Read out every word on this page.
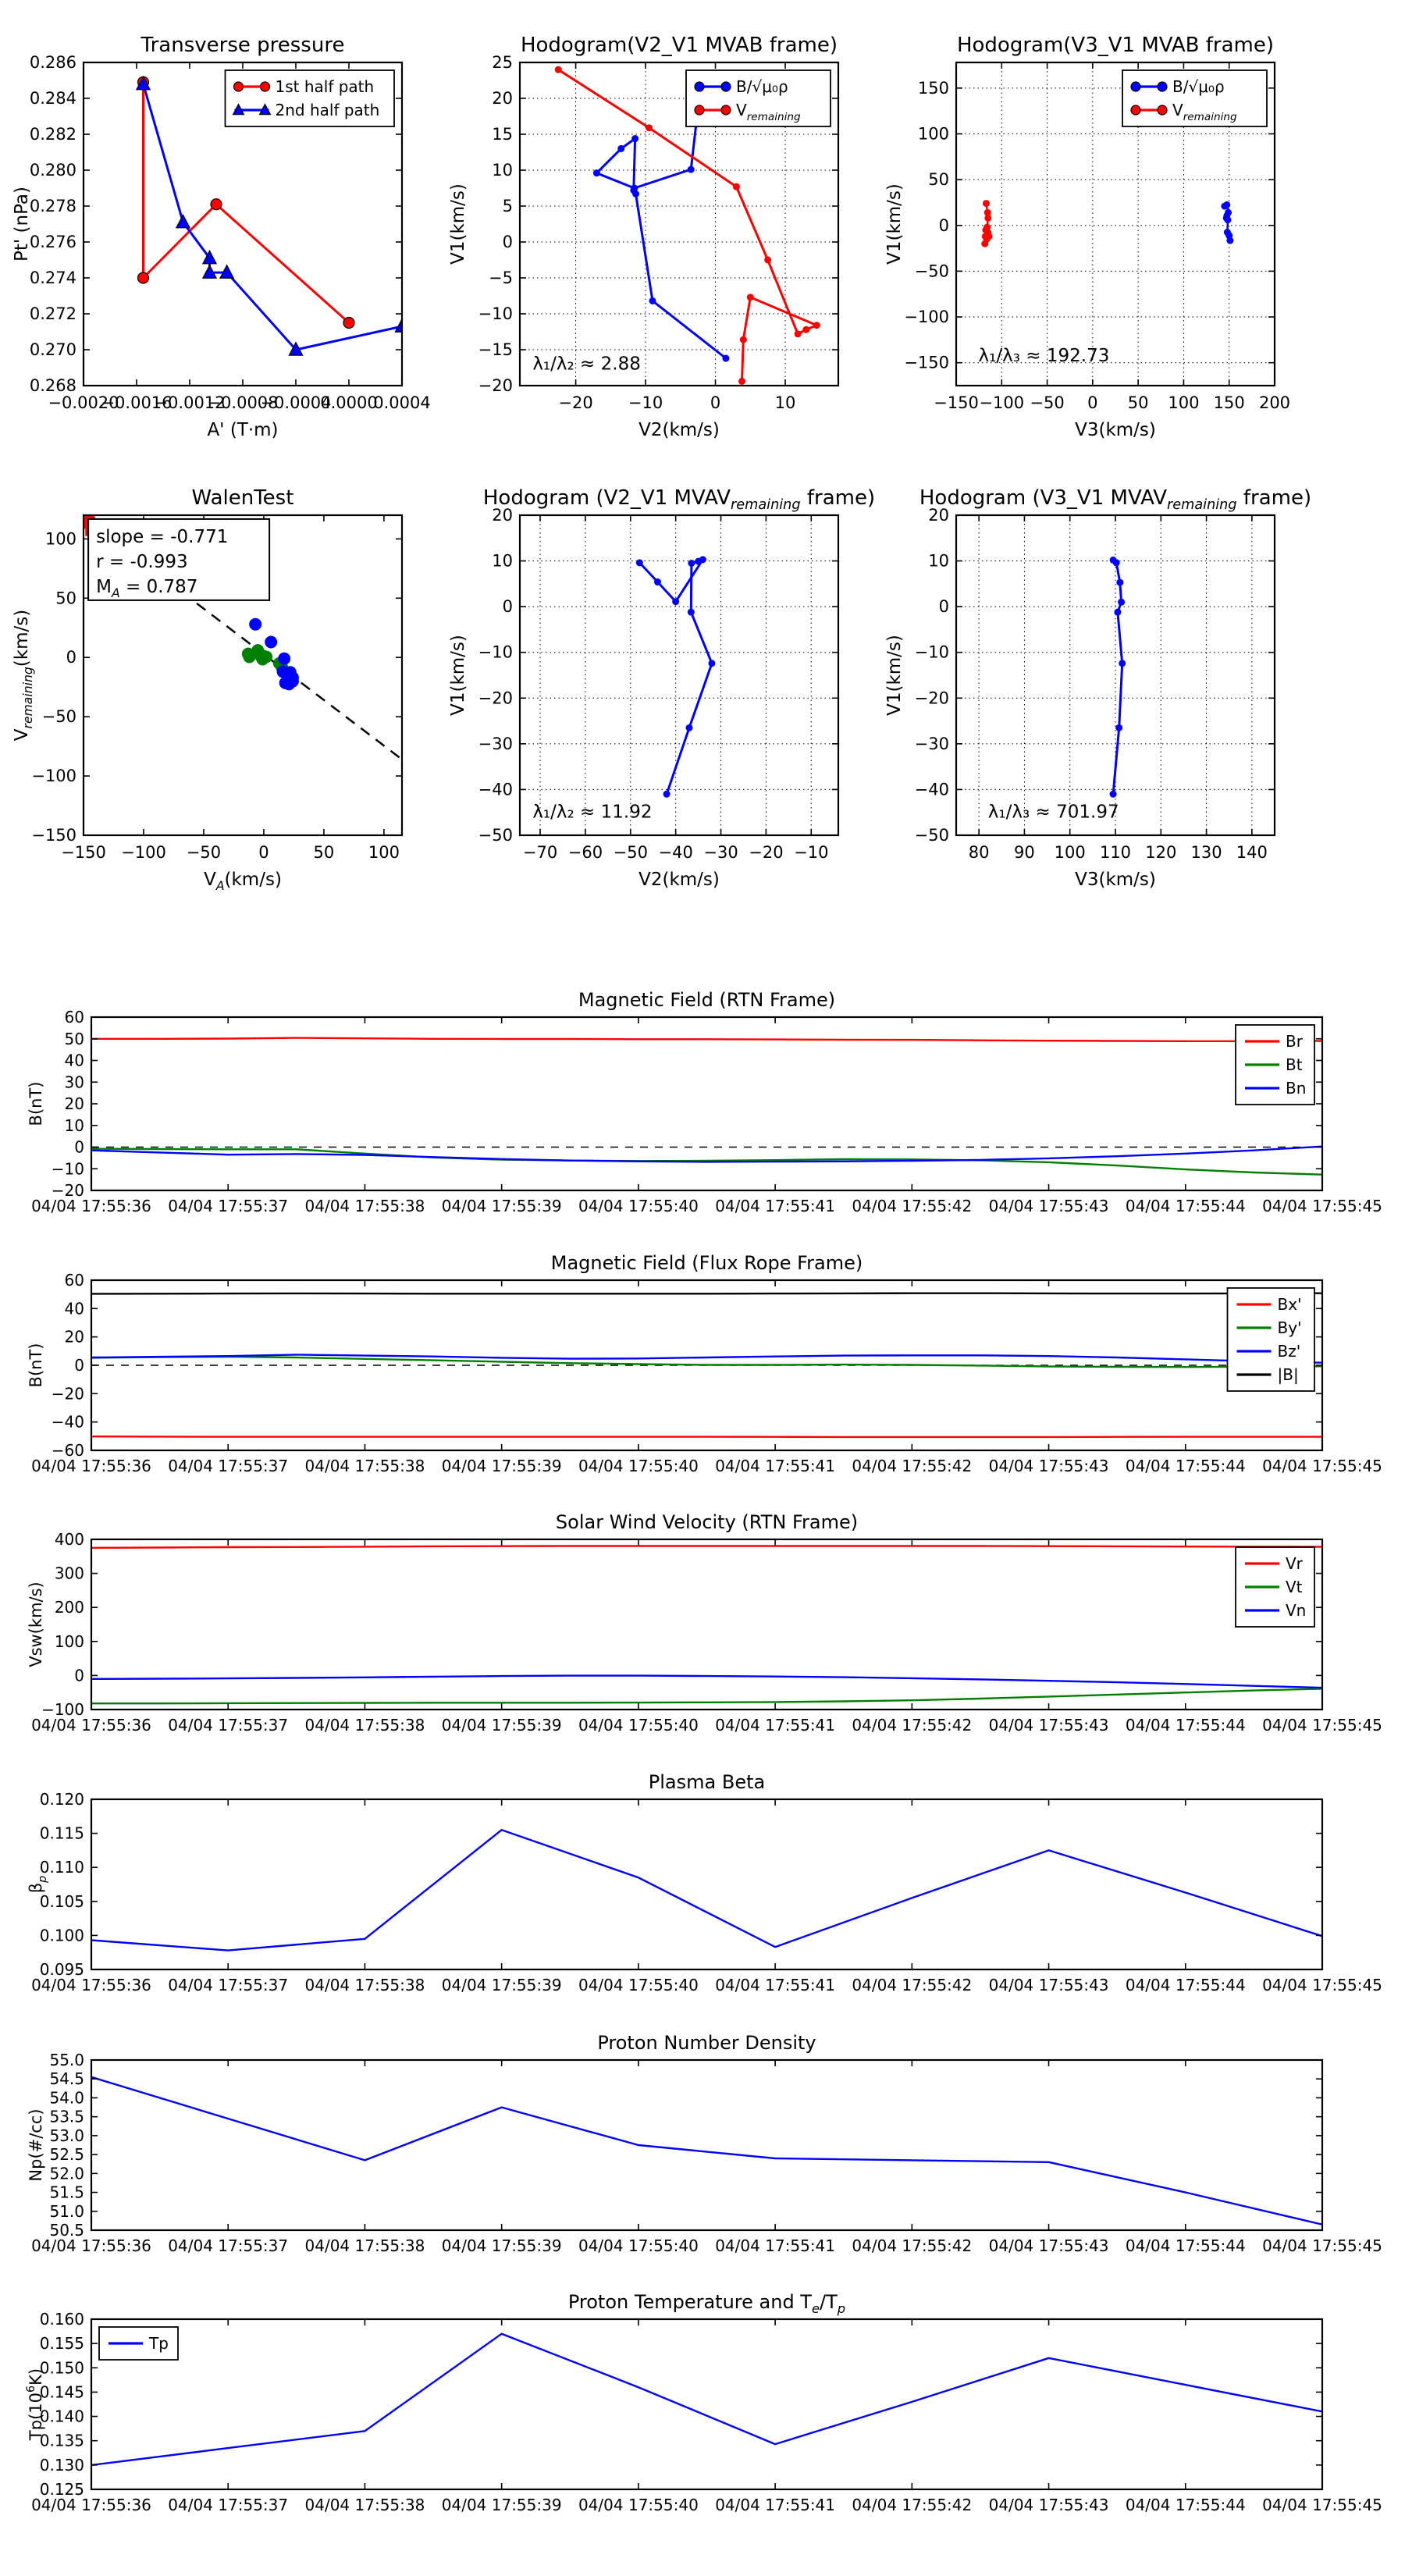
−0.0020
−0.0016
−0.0012
−0.0008
−0.0004
0.0000
0.0004
0.268
0.270
0.272
0.274
0.276
0.278
0.280
0.282
0.284
0.286
Transverse pressure
A' (T·m)
Pt' (nPa)
1st half path
2nd half path
−20 −10	0	10
−20
−15
−10
−5
0
5
10
15
20
25
Hodogram(V2_V1 MVAB frame)
V2(km/s)
V1(km/s)
λ₁/λ₂ ≈ 2.88
B/√μ₀ρ
$V_{remaining}$
−150 −100 −50 0 50 100 150 200
−150
−100
−50
0
50
100
150
Hodogram(V3_V1 MVAB frame)
V3(km/s)
V1(km/s)
λ₁/λ₃ ≈ 192.73
B/√μ₀ρ
$V_{remaining}$
−150 −100 −50 0	50 100
−150
−100
−50
0
50
100
WalenTest
$V_A(km/s)$
$V_{remaining}(km/s)$
slope = -0.771
r = -0.993
$M_A = 0.787$
−70 −60 −50 −40 −30 −20 −10
−50
−40
−30
−20
−10
0
10
20
Hodogram (V2_V1 $MVAV_{remaining}$ frame)
V2(km/s)
V1(km/s)
λ₁/λ₂ ≈ 11.92
80 90 100 110 120 130 140
−50
−40
−30
−20
−10
0
10
20
Hodogram (V3_V1 $MVAV_{remaining}$ frame)
V3(km/s)
V1(km/s)
λ₁/λ₃ ≈ 701.97
04/04 17:55:36 04/04 17:55:37 04/04 17:55:38 04/04 17:55:39 04/04 17:55:40 04/04 17:55:41 04/04 17:55:42 04/04 17:55:43 04/04 17:55:44 04/04 17:55:45
−20
−10
0
10
20
30
40
50
60
Magnetic Field (RTN Frame)
B(nT)
Br
Bt
Bn
04/04 17:55:36 04/04 17:55:37 04/04 17:55:38 04/04 17:55:39 04/04 17:55:40 04/04 17:55:41 04/04 17:55:42 04/04 17:55:43 04/04 17:55:44 04/04 17:55:45
−60
−40
−20
0
20
40
60
Magnetic Field (Flux Rope Frame)
B(nT)
Bx'
By'
Bz'
|B|
04/04 17:55:36 04/04 17:55:37 04/04 17:55:38 04/04 17:55:39 04/04 17:55:40 04/04 17:55:41 04/04 17:55:42 04/04 17:55:43 04/04 17:55:44 04/04 17:55:45
−100
0
100
200
300
400
Solar Wind Velocity (RTN Frame)
Vsw(km/s)
Vr
Vt
Vn
04/04 17:55:36 04/04 17:55:37 04/04 17:55:38 04/04 17:55:39 04/04 17:55:40 04/04 17:55:41 04/04 17:55:42 04/04 17:55:43 04/04 17:55:44 04/04 17:55:45
0.095
0.100
0.105
0.110
0.115
0.120
Plasma Beta
$\beta_p$
04/04 17:55:36 04/04 17:55:37 04/04 17:55:38 04/04 17:55:39 04/04 17:55:40 04/04 17:55:41 04/04 17:55:42 04/04 17:55:43 04/04 17:55:44 04/04 17:55:45
50.5
51.0
51.5
52.0
52.5
53.0
53.5
54.0
54.5
55.0
Proton Number Density
Np(#/cc)
04/04 17:55:36 04/04 17:55:37 04/04 17:55:38 04/04 17:55:39 04/04 17:55:40 04/04 17:55:41 04/04 17:55:42 04/04 17:55:43 04/04 17:55:44 04/04 17:55:45
0.125
0.130
0.135
0.140
0.145
0.150
0.155
0.160
Proton Temperature and $T_e/T_p$
$Tp(10^6K)$
Tp
